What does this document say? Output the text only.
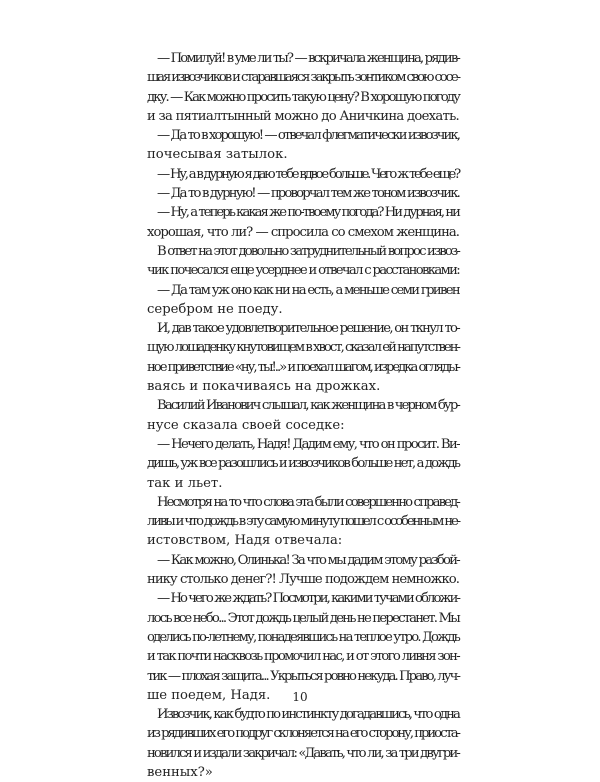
— Помилуй! в уме ли ты? — вскричала женщина, рядив-
шая извозчиков и старавшаяся закрыть зонтиком свою сосе-
дку. — Как можно просить такую цену? В хорошую погоду
и за пятиалтынный можно до Аничкина доехать.
— Да то в хорошую! — отвечал флегматически извозчик,
почесывая затылок.
— Ну, а в дурную я даю тебе вдвое больше. Чего ж тебе еще?
— Да то в дурную! — проворчал тем же тоном извозчик.
— Ну, а теперь какая же по-твоему погода? Ни дурная, ни
хорошая, что ли? — спросила со смехом женщина.
В ответ на этот довольно затруднительный вопрос извоз-
чик почесался еще усерднее и отвечал с расстановками:
— Да там уж оно как ни на есть, а меньше семи гривен
серебром не поеду.
И, дав такое удовлетворительное решение, он ткнул то-
щую лошаденку кнутовищем в хвост, сказал ей напутствен-
ное приветствие «ну, ты!..» и поехал шагом, изредка огляды-
ваясь и покачиваясь на дрожках.
Василий Иванович слышал, как женщина в черном бур-
нусе сказала своей соседке:
— Нечего делать, Надя! Дадим ему, что он просит. Ви-
дишь, уж все разошлись и извозчиков больше нет, а дождь
так и льет.
Несмотря на то что слова эта были совершенно справед-
ливы и что дождь в эту самую минуту пошел с особенным не-
истовством, Надя отвечала:
— Как можно, Олинька! За что мы дадим этому разбой-
нику столько денег?! Лучше подождем немножко.
— Но чего же ждать? Посмотри, какими тучами обложи-
лось все небо... Этот дождь целый день не перестанет. Мы
оделись по-летнему, понадеявшись на теплое утро. Дождь
и так почти насквозь промочил нас, и от этого ливня зон-
тик — плохая защита... Укрыться ровно некуда. Право, луч-
ше поедем, Надя.
Извозчик, как будто по инстинкту догадавшись, что одна
из рядивших его подруг склоняется на его сторону, приоста-
новился и издали закричал: «Давать, что ли, за три двугри-
венных?»
10
